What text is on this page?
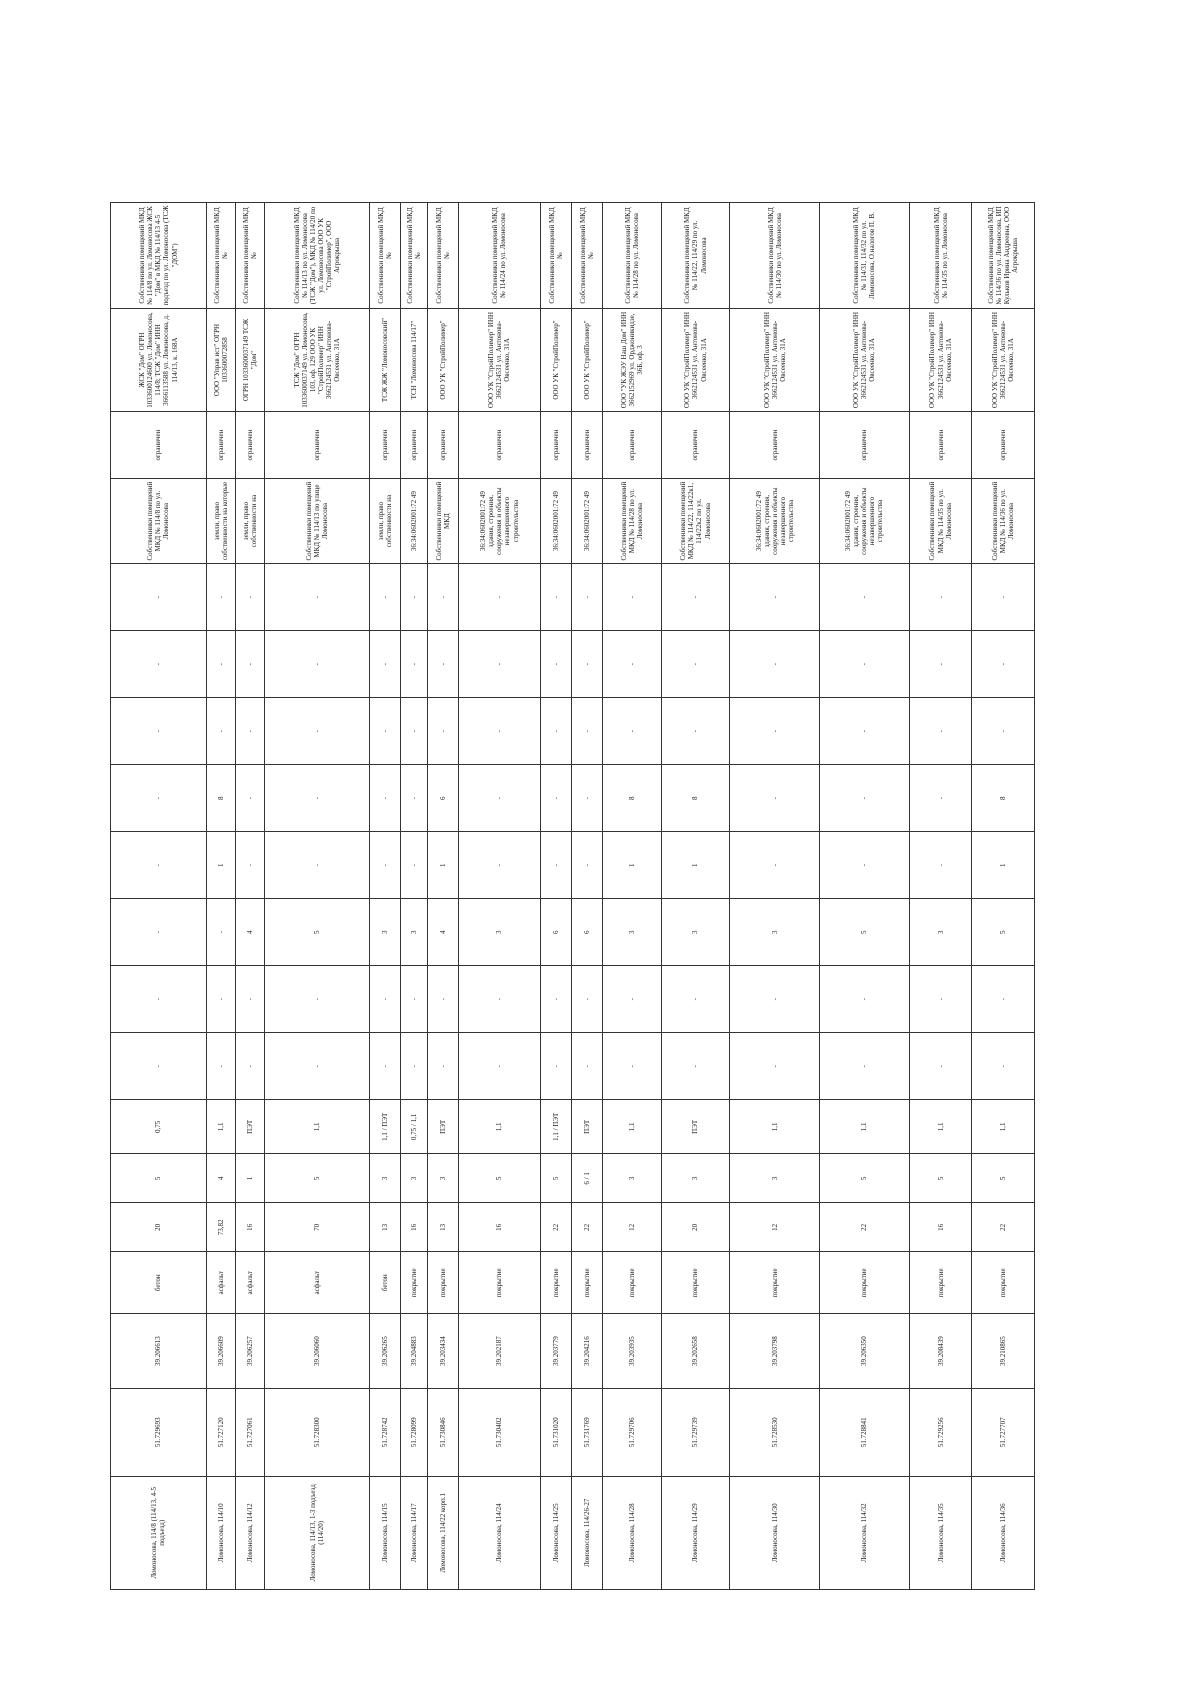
Ломоносова, 114/8 (114/13, 4-5 подъезд)	51.729693	39.206613	бетон	20	5	0,75	-	-	-	-	-	-	-	-	Собственники помещений МКД № 114/8 по ул. Ломоносова	ограничен	ЖСК "Дом" ОГРН 1033600124600 ул. Ломоносова, 114/8; ТСЖ "Дом" ИНН 3666113588 ул. Ломоносова, д. 114/13, к. 168А	Собственники помещений МКД № 114/8 по ул. Ломоносова ЖСК "Дом" в МКД № 114/13 4-5 подъезд по ул. Ломоносова (ТСЖ "ДОМ")
Ломоносова, 114/10	51.727120	39.206609	асфальт	73,82	4	1,1	-	-	-	1	8	-	-	-	земли, право собственности на которые	ограничен	ООО "Управ ист" ОГРН 1033600072858	Собственники помещений МКД №
Ломоносова, 114/12	51.727061	39.206257	асфальт	16	1	ПЭТ	-	-	4	-	-	-	-	-	земли, право собственности на	ограничен	ОГРН 1033600037149 ТСЖ "Дом"	Собственники помещений МКД №
Ломоносова, 114/13, 1-3 подъезд (114/20)	51.728300	39.206060	асфальт	70	5	1,1	-	-	5	-	-	-	-	-	Собственники помещений МКД № 114/13 по улице Ломоносова	ограничен	ТСЖ "Дом" ОГРН 1033600037149 ул. Ломоносова, 103, оф. 129 ООО УК "СтройПолимер" ИНН 3662124531 ул. Антонова-Овсеенко, 31А	Собственники помещений МКД № 114/13 по ул. Ломоносова (ТСЖ "Дом"), МКД № 114/20 по ул. Ломоносова ООО УК "СтройПолимер", ООО Агрокрыша
Ломоносова, 114/15	51.728742	39.206265	бетон	13	3	1,1 / ПЭТ	-	-	3	-	-	-	-	-	земли, право собственности на	ограничен	ТСЖ ЖЖ "Ломоносовский"	Собственники помещений МКД №
Ломоносова, 114/17	51.728099	39.204883	покрытие	16	3	0,75 / 1,1	-	-	3	-	-	-	-	-	36:34:0602001:72 49	ограничен	ТСН "Ломоносова 114/17"	Собственники помещений МКД №
Ломоносова, 114/22 корп.1	51.730846	39.203434	покрытие	13	3	ПЭТ	-	-	4	1	6	-	-	-	Собственники помещений МКД	ограничен	ООО УК "СтройПолимер"	Собственники помещений МКД №
Ломоносова, 114/24	51.730402	39.202187	покрытие	16	5	1,1	-	-	3	-	-	-	-	-	36:34:0602001:72 49 здания, строения, сооружения и объекты незавершенного строительства	ограничен	ООО УК "СтройПолимер" ИНН 3662124531 ул. Антонова-Овсеенко, 31А	Собственники помещений МКД № 114/24 по ул. Ломоносова
Ломоносова, 114/25	51.731020	39.203779	покрытие	22	5	1,1 / ПЭТ	-	-	6	-	-	-	-	-	36:34:0602001:72 49	ограничен	ООО УК "СтройПолимер"	Собственники помещений МКД №
Ломоносова, 114/26-27	51.731769	39.204216	покрытие	22	6 / 1	ПЭТ	-	-	6	-	-	-	-	-	36:34:0602001:72 49	ограничен	ООО УК "СтройПолимер"	Собственники помещений МКД №
Ломоносова, 114/28	51.729706	39.203935	покрытие	12	3	1,1	-	-	3	1	8	-	-	-	Собственники помещений МКД № 114/28 по ул. Ломоносова	ограничен	ООО "УК ЖЭУ Наш Дом" ИНН 3662152969 ул. Орджоникидзе, 36Б, оф. 3	Собственники помещений МКД № 114/28 по ул. Ломоносова
Ломоносова, 114/29	51.729739	39.202658	покрытие	20	3	ПЭТ	-	-	3	1	8	-	-	-	Собственники помещений МКД № 114/22, 114/22к1, 114/22к2 по ул. Ломоносова	ограничен	ООО УК "СтройПолимер" ИНН 3662124531 ул. Антонова-Овсеенко, 31А	Собственники помещений МКД № 114/22, 114/29 по ул. Ломоносова
Ломоносова, 114/30	51.728530	39.203798	покрытие	12	3	1,1	-	-	3	-	-	-	-	-	36:34:0602001:72 49 здания, строения, сооружения и объекты незавершенного строительства	ограничен	ООО УК "СтройПолимер" ИНН 3662124531 ул. Антонова-Овсеенко, 31А	Собственники помещений МКД № 114/30 по ул. Ломоносова
Ломоносова, 114/32	51.728841	39.206350	покрытие	22	5	1,1	-	-	5	-	-	-	-	-	36:34:0602001:72 49 здания, строения, сооружения и объекты незавершенного строительства	ограничен	ООО УК "СтройПолимер" ИНН 3662124531 ул. Антонова-Овсеенко, 31А	Собственники помещений МКД № 114/31, 114/32 по ул. Ломоносова, О.налогов П. В.
Ломоносова, 114/35	51.729256	39.208439	покрытие	16	5	1,1	-	-	3	-	-	-	-	-	Собственники помещений МКД № 114/35 по ул. Ломоносова	ограничен	ООО УК "СтройПолимер" ИНН 3662124531 ул. Антонова-Овсеенко, 31А	Собственники помещений МКД № 114/35 по ул. Ломоносова
Ломоносова, 114/36	51.727707	39.210865	покрытие	22	5	1,1	-	-	5	1	8	-	-	-	Собственники помещений МКД № 114/36 по ул. Ломоносова	ограничен	ООО УК "СтройПолимер" ИНН 3662124531 ул. Антонова-Овсеенко, 31А	Собственники помещений МКД № 114/36 по ул. Ломоносова, ИП Кульков Ирина Андреевна, ООО Агрокрыша
